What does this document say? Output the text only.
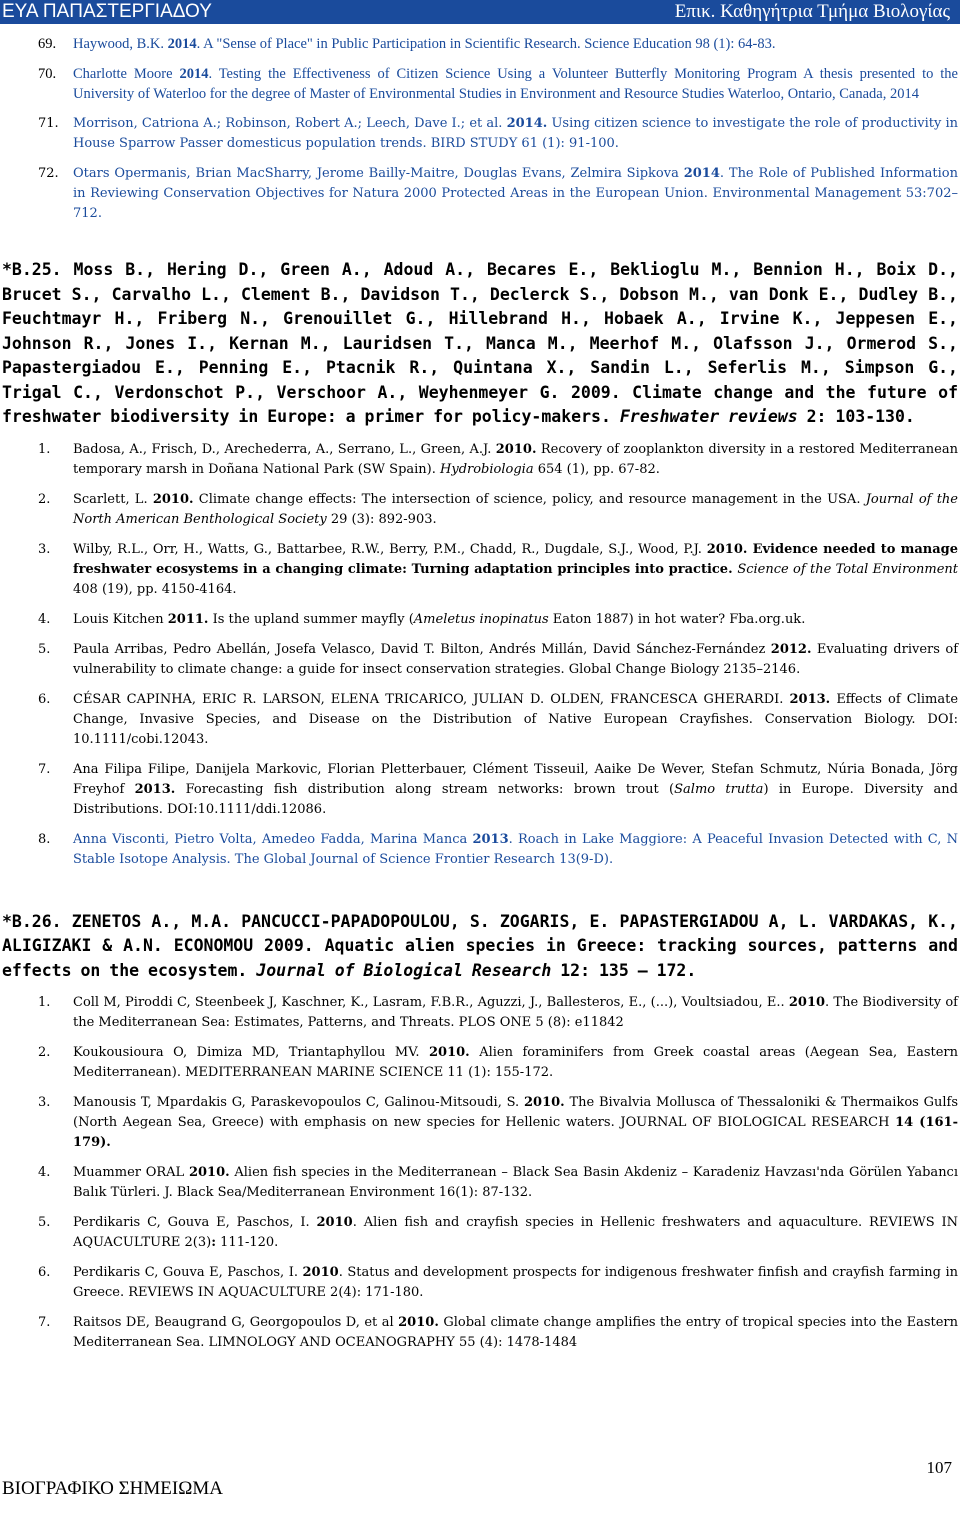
ΕΥΑ ΠΑΠΑΣΤΕΡΓΙΑΔΟΥ	Επικ. Καθηγήτρια Τμήμα Βιολογίας
69. Haywood, B.K. 2014. A "Sense of Place" in Public Participation in Scientific Research. Science Education 98 (1): 64-83.
70. Charlotte Moore 2014. Testing the Effectiveness of Citizen Science Using a Volunteer Butterfly Monitoring Program A thesis presented to the University of Waterloo for the degree of Master of Environmental Studies in Environment and Resource Studies Waterloo, Ontario, Canada, 2014
71. Morrison, Catriona A.; Robinson, Robert A.; Leech, Dave I.; et al. 2014. Using citizen science to investigate the role of productivity in House Sparrow Passer domesticus population trends. BIRD STUDY 61 (1): 91-100.
72. Otars Opermanis, Brian MacSharry, Jerome Bailly-Maitre, Douglas Evans, Zelmira Sipkova 2014. The Role of Published Information in Reviewing Conservation Objectives for Natura 2000 Protected Areas in the European Union. Environmental Management 53:702–712.
*B.25. Moss B., Hering D., Green A., Adoud A., Becares E., Beklioglu M., Bennion H., Boix D., Brucet S., Carvalho L., Clement B., Davidson T., Declerck S., Dobson M., van Donk E., Dudley B., Feuchtmayr H., Friberg N., Grenouillet G., Hillebrand H., Hobaek A., Irvine K., Jeppesen E., Johnson R., Jones I., Kernan M., Lauridsen T., Manca M., Meerhof M., Olafsson J., Ormerod S., Papastergiadou E., Penning E., Ptacnik R., Quintana X., Sandin L., Seferlis M., Simpson G., Trigal C., Verdonschot P., Verschoor A., Weyhenmeyer G. 2009. Climate change and the future of freshwater biodiversity in Europe: a primer for policy-makers. Freshwater reviews 2: 103-130.
1. Badosa, A., Frisch, D., Arechederra, A., Serrano, L., Green, A.J. 2010. Recovery of zooplankton diversity in a restored Mediterranean temporary marsh in Doñana National Park (SW Spain). Hydrobiologia 654 (1), pp. 67-82.
2. Scarlett, L. 2010. Climate change effects: The intersection of science, policy, and resource management in the USA. Journal of the North American Benthological Society 29 (3): 892-903.
3. Wilby, R.L., Orr, H., Watts, G., Battarbee, R.W., Berry, P.M., Chadd, R., Dugdale, S.J., Wood, P.J. 2010. Evidence needed to manage freshwater ecosystems in a changing climate: Turning adaptation principles into practice. Science of the Total Environment 408 (19), pp. 4150-4164.
4. Louis Kitchen 2011. Is the upland summer mayfly (Ameletus inopinatus Eaton 1887) in hot water? Fba.org.uk.
5. Paula Arribas, Pedro Abellán, Josefa Velasco, David T. Bilton, Andrés Millán, David Sánchez-Fernández 2012. Evaluating drivers of vulnerability to climate change: a guide for insect conservation strategies. Global Change Biology 2135–2146.
6. CÉSAR CAPINHA, ERIC R. LARSON, ELENA TRICARICO, JULIAN D. OLDEN, FRANCESCA GHERARDI. 2013. Effects of Climate Change, Invasive Species, and Disease on the Distribution of Native European Crayfishes. Conservation Biology. DOI: 10.1111/cobi.12043.
7. Ana Filipa Filipe, Danijela Markovic, Florian Pletterbauer, Clément Tisseuil, Aaike De Wever, Stefan Schmutz, Núria Bonada, Jörg Freyhof 2013. Forecasting fish distribution along stream networks: brown trout (Salmo trutta) in Europe. Diversity and Distributions. DOI:10.1111/ddi.12086.
8. Anna Visconti, Pietro Volta, Amedeo Fadda, Marina Manca 2013. Roach in Lake Maggiore: A Peaceful Invasion Detected with C, N Stable Isotope Analysis. The Global Journal of Science Frontier Research 13(9-D).
*B.26. ZENETOS A., M.A. PANCUCCI-PAPADOPOULOU, S. ZOGARIS, E. PAPASTERGIADOU A, L. VARDAKAS, K., ALIGIZAKI & A.N. ECONOMOU 2009. Aquatic alien species in Greece: tracking sources, patterns and effects on the ecosystem. Journal of Biological Research 12: 135 – 172.
1. Coll M, Piroddi C, Steenbeek J, Kaschner, K., Lasram, F.B.R., Aguzzi, J., Ballesteros, E., (...), Voultsiadou, E.. 2010. The Biodiversity of the Mediterranean Sea: Estimates, Patterns, and Threats. PLOS ONE 5 (8): e11842
2. Koukousioura O, Dimiza MD, Triantaphyllou MV. 2010. Alien foraminifers from Greek coastal areas (Aegean Sea, Eastern Mediterranean). MEDITERRANEAN MARINE SCIENCE 11 (1): 155-172.
3. Manousis T, Mpardakis G, Paraskevopoulos C, Galinou-Mitsoudi, S. 2010. The Bivalvia Mollusca of Thessaloniki & Thermaikos Gulfs (North Aegean Sea, Greece) with emphasis on new species for Hellenic waters. JOURNAL OF BIOLOGICAL RESEARCH 14 (161-179).
4. Muammer ORAL 2010. Alien fish species in the Mediterranean – Black Sea Basin Akdeniz – Karadeniz Havzası'nda Görülen Yabancı Balık Türleri. J. Black Sea/Mediterranean Environment 16(1): 87-132.
5. Perdikaris C, Gouva E, Paschos, I. 2010. Alien fish and crayfish species in Hellenic freshwaters and aquaculture. REVIEWS IN AQUACULTURE 2(3): 111-120.
6. Perdikaris C, Gouva E, Paschos, I. 2010. Status and development prospects for indigenous freshwater finfish and crayfish farming in Greece. REVIEWS IN AQUACULTURE 2(4): 171-180.
7. Raitsos DE, Beaugrand G, Georgopoulos D, et al 2010. Global climate change amplifies the entry of tropical species into the Eastern Mediterranean Sea. LIMNOLOGY AND OCEANOGRAPHY 55 (4): 1478-1484
ΒΙΟΓΡΑΦΙΚΟ ΣΗΜΕΙΩΜΑ
107
